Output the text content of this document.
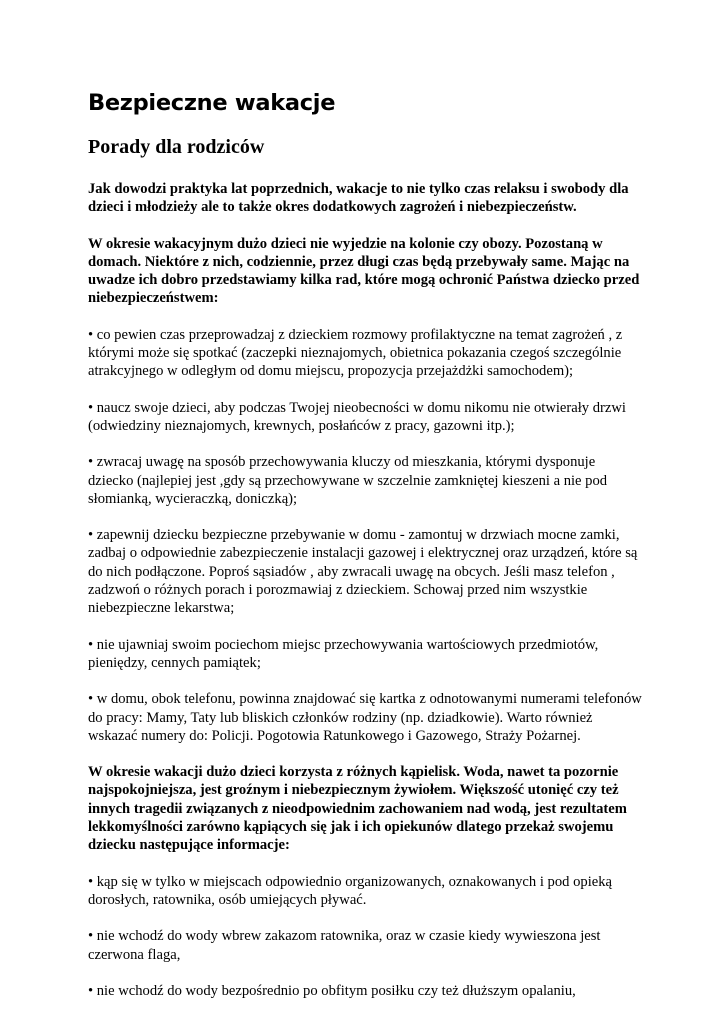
Bezpieczne wakacje
Porady dla rodziców

Jak dowodzi praktyka lat poprzednich, wakacje to nie tylko czas relaksu i swobody dla dzieci i młodzieży ale to także okres dodatkowych zagrożeń i niebezpieczeństw.

W okresie wakacyjnym dużo dzieci nie wyjedzie na kolonie czy obozy. Pozostaną w domach. Niektóre z nich, codziennie, przez długi czas będą przebywały same. Mając na uwadze ich dobro przedstawiamy kilka rad, które mogą ochronić Państwa dziecko przed niebezpieczeństwem:

• co pewien czas przeprowadzaj z dzieckiem rozmowy profilaktyczne na temat zagrożeń , z którymi może się spotkać (zaczepki nieznajomych, obietnica pokazania czegoś szczególnie atrakcyjnego w odległym od domu miejscu, propozycja przejażdżki samochodem);

• naucz swoje dzieci, aby podczas Twojej nieobecności w domu nikomu nie otwierały drzwi (odwiedziny nieznajomych, krewnych, posłańców z pracy, gazowni itp.);

• zwracaj uwagę na sposób przechowywania kluczy od mieszkania, którymi dysponuje dziecko (najlepiej jest ,gdy są przechowywane w szczelnie zamkniętej kieszeni a nie pod słomianką, wycieraczką, doniczką);

• zapewnij dziecku bezpieczne przebywanie w domu - zamontuj w drzwiach mocne zamki, zadbaj o odpowiednie zabezpieczenie instalacji gazowej i elektrycznej oraz urządzeń, które są do nich podłączone. Poproś sąsiadów , aby zwracali uwagę na obcych. Jeśli masz telefon , zadzwoń o różnych porach i porozmawiaj z dzieckiem. Schowaj przed nim wszystkie niebezpieczne lekarstwa;

• nie ujawniaj swoim pociechom miejsc przechowywania wartościowych przedmiotów, pieniędzy, cennych pamiątek;

• w domu, obok telefonu, powinna znajdować się kartka z odnotowanymi numerami telefonów do pracy: Mamy, Taty lub bliskich członków rodziny (np. dziadkowie). Warto również wskazać numery do: Policji. Pogotowia Ratunkowego i Gazowego, Straży Pożarnej.

W okresie wakacji dużo dzieci korzysta z różnych kąpielisk. Woda, nawet ta pozornie najspokojniejsza, jest groźnym i niebezpiecznym żywiołem. Większość utonięć czy też innych tragedii związanych z nieodpowiednim zachowaniem nad wodą, jest rezultatem lekkomyślności zarówno kąpiących się jak i ich opiekunów dlatego przekaż swojemu dziecku następujące informacje:

• kąp się w tylko w miejscach odpowiednio organizowanych, oznakowanych i pod opieką dorosłych, ratownika, osób umiejących pływać.

• nie wchodź do wody wbrew zakazom ratownika, oraz w czasie kiedy wywieszona jest czerwona flaga,

• nie wchodź do wody bezpośrednio po obfitym posiłku czy też dłuższym opalaniu,
